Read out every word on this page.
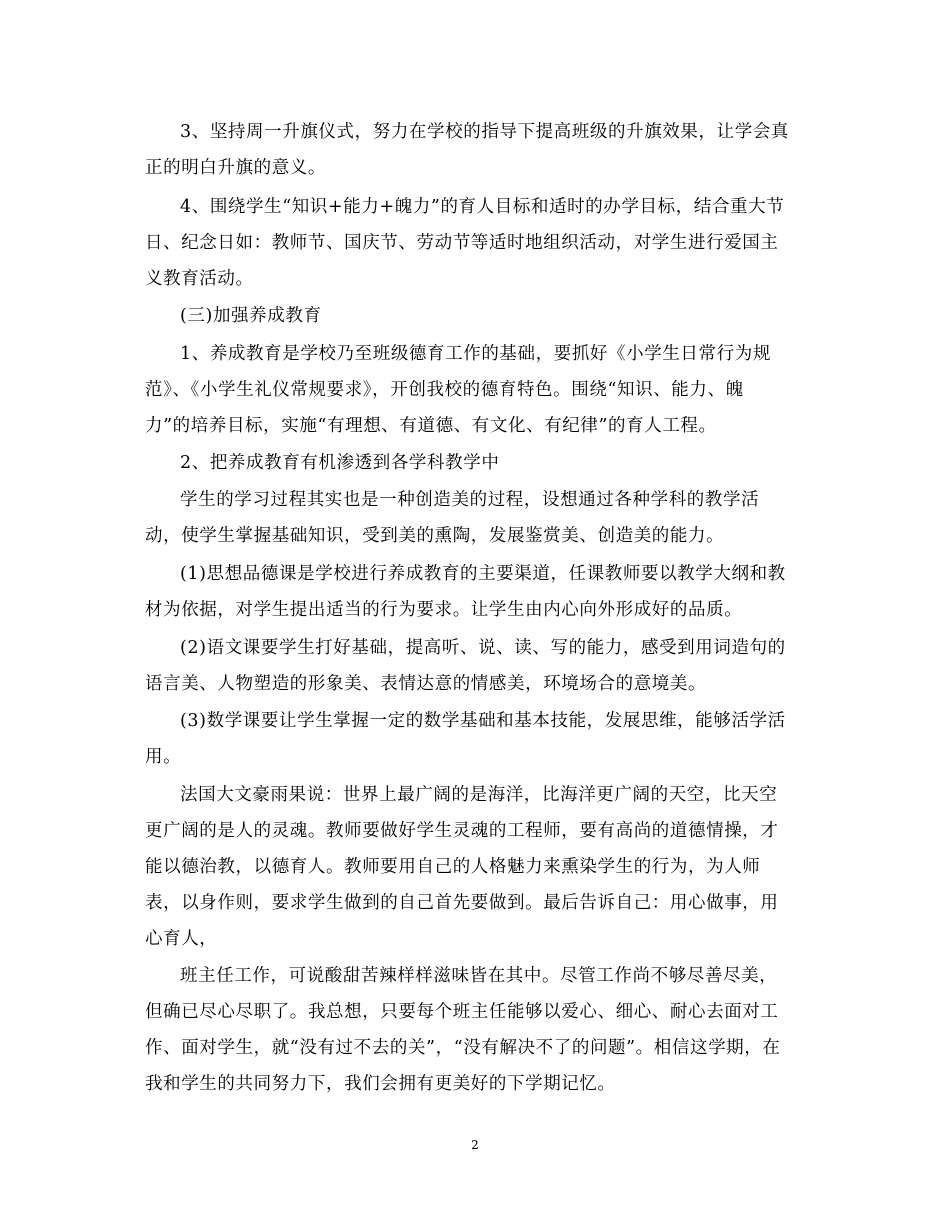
3、坚持周一升旗仪式，努力在学校的指导下提高班级的升旗效果，让学会真
正的明白升旗的意义。
4、围绕学生“知识+能力+魄力”的育人目标和适时的办学目标，结合重大节
日、纪念日如：教师节、国庆节、劳动节等适时地组织活动，对学生进行爱国主
义教育活动。
(三)加强养成教育
1、养成教育是学校乃至班级德育工作的基础，要抓好《小学生日常行为规
范》、《小学生礼仪常规要求》，开创我校的德育特色。围绕“知识、能力、魄
力”的培养目标，实施“有理想、有道德、有文化、有纪律”的育人工程。
2、把养成教育有机渗透到各学科教学中
学生的学习过程其实也是一种创造美的过程，设想通过各种学科的教学活
动，使学生掌握基础知识，受到美的熏陶，发展鉴赏美、创造美的能力。
(1)思想品德课是学校进行养成教育的主要渠道，任课教师要以教学大纲和教
材为依据，对学生提出适当的行为要求。让学生由内心向外形成好的品质。
(2)语文课要学生打好基础，提高听、说、读、写的能力，感受到用词造句的
语言美、人物塑造的形象美、表情达意的情感美，环境场合的意境美。
(3)数学课要让学生掌握一定的数学基础和基本技能，发展思维，能够活学活
用。
法国大文豪雨果说：世界上最广阔的是海洋，比海洋更广阔的天空，比天空
更广阔的是人的灵魂。教师要做好学生灵魂的工程师，要有高尚的道德情操，才
能以德治教，以德育人。教师要用自己的人格魅力来熏染学生的行为，为人师
表，以身作则，要求学生做到的自己首先要做到。最后告诉自己：用心做事，用
心育人，
班主任工作，可说酸甜苦辣样样滋味皆在其中。尽管工作尚不够尽善尽美，
但确已尽心尽职了。我总想，只要每个班主任能够以爱心、细心、耐心去面对工
作、面对学生，就“没有过不去的关”，“没有解决不了的问题”。相信这学期，在
我和学生的共同努力下，我们会拥有更美好的下学期记忆。
2
